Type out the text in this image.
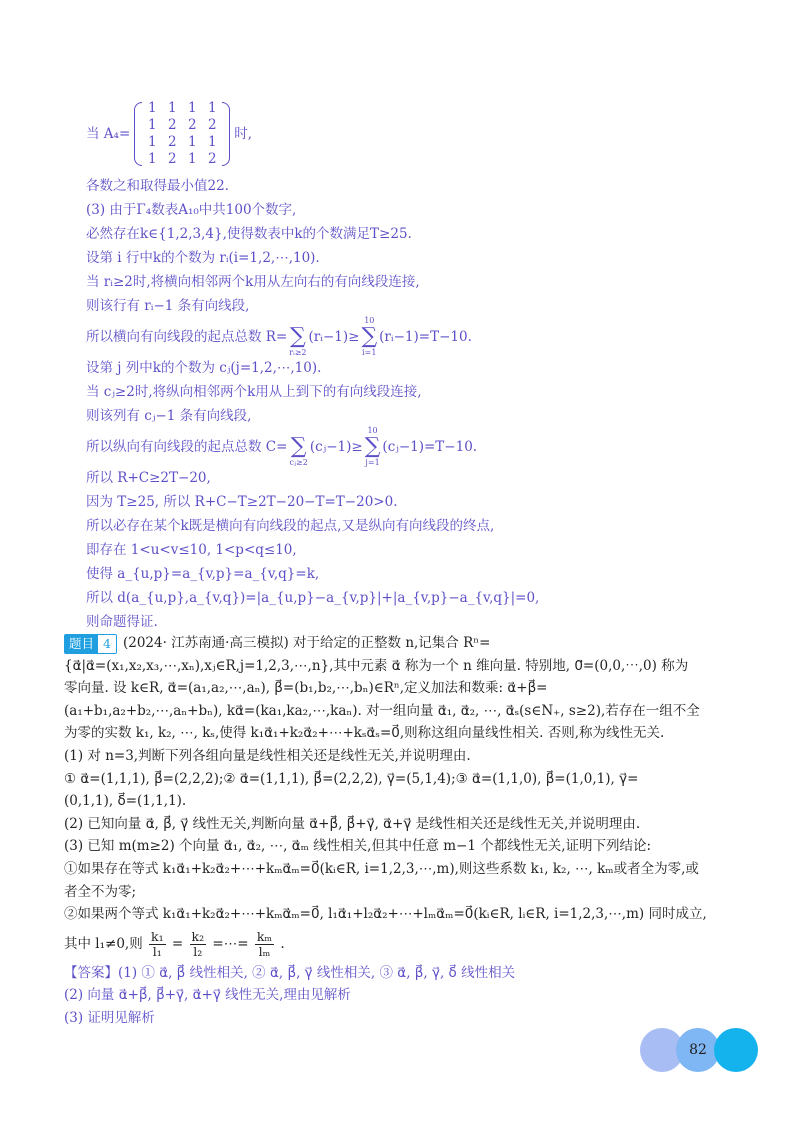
当 A₄=
1 1 1 1
1 2 2 2
1 2 1 1
1 2 1 2
时,
各数之和取得最小值22.
(3) 由于Γ₄数表A₁₀中共100个数字,
必然存在k∈{1,2,3,4},使得数表中k的个数满足T≥25.
设第 i 行中k的个数为 rᵢ(i=1,2,⋯,10).
当 rᵢ≥2时,将横向相邻两个k用从左向右的有向线段连接,
则该行有 rᵢ−1 条有向线段,
所以横向有向线段的起点总数 R=
∑
rᵢ≥2
(rᵢ−1)≥
10
∑
i=1
(rᵢ−1)=T−10.
设第 j 列中k的个数为 cⱼ(j=1,2,⋯,10).
当 cⱼ≥2时,将纵向相邻两个k用从上到下的有向线段连接,
则该列有 cⱼ−1 条有向线段,
所以纵向有向线段的起点总数 C=
∑
cⱼ≥2
(cⱼ−1)≥
10
∑
j=1
(cⱼ−1)=T−10.
所以 R+C≥2T−20,
因为 T≥25, 所以 R+C−T≥2T−20−T=T−20>0.
所以必存在某个k既是横向有向线段的起点,又是纵向有向线段的终点,
即存在 1<u<v≤10, 1<p<q≤10,
使得 a_{u,p}=a_{v,p}=a_{v,q}=k,
所以 d(a_{u,p},a_{v,q})=|a_{u,p}−a_{v,p}|+|a_{v,p}−a_{v,q}|=0,
则命题得证.
题目 4 (2024· 江苏南通·高三模拟) 对于给定的正整数 n,记集合 Rⁿ=
{α⃗|α⃗=(x₁,x₂,x₃,⋯,xₙ),xⱼ∈R,j=1,2,3,⋯,n},其中元素 α⃗ 称为一个 n 维向量. 特别地, 0⃗=(0,0,⋯,0) 称为
零向量. 设 k∈R, α⃗=(a₁,a₂,⋯,aₙ), β⃗=(b₁,b₂,⋯,bₙ)∈Rⁿ,定义加法和数乘: α⃗+β⃗=
(a₁+b₁,a₂+b₂,⋯,aₙ+bₙ), kα⃗=(ka₁,ka₂,⋯,kaₙ). 对一组向量 α⃗₁, α⃗₂, ⋯, α⃗ₛ(s∈N₊, s≥2),若存在一组不全
为零的实数 k₁, k₂, ⋯, kₛ,使得 k₁α⃗₁+k₂α⃗₂+⋯+kₛα⃗ₛ=0⃗,则称这组向量线性相关. 否则,称为线性无关.
(1) 对 n=3,判断下列各组向量是线性相关还是线性无关,并说明理由.
① α⃗=(1,1,1), β⃗=(2,2,2);② α⃗=(1,1,1), β⃗=(2,2,2), γ⃗=(5,1,4);③ α⃗=(1,1,0), β⃗=(1,0,1), γ⃗=
(0,1,1), δ⃗=(1,1,1).
(2) 已知向量 α⃗, β⃗, γ⃗ 线性无关,判断向量 α⃗+β⃗, β⃗+γ⃗, α⃗+γ⃗ 是线性相关还是线性无关,并说明理由.
(3) 已知 m(m≥2) 个向量 α⃗₁, α⃗₂, ⋯, α⃗ₘ 线性相关,但其中任意 m−1 个都线性无关,证明下列结论:
①如果存在等式 k₁α⃗₁+k₂α⃗₂+⋯+kₘα⃗ₘ=0⃗(kᵢ∈R, i=1,2,3,⋯,m),则这些系数 k₁, k₂, ⋯, kₘ或者全为零,或
者全不为零;
②如果两个等式 k₁α⃗₁+k₂α⃗₂+⋯+kₘα⃗ₘ=0⃗, l₁α⃗₁+l₂α⃗₂+⋯+lₘα⃗ₘ=0⃗(kᵢ∈R, lᵢ∈R, i=1,2,3,⋯,m) 同时成立,
其中 l₁≠0,则 $\frac{\text{k₁}}{\text{l₁}} = \frac{\text{k₂}}{\text{l₂}}$ =⋯= $\frac{\text{kₘ}}{\text{lₘ}}$ .
【答案】(1) ① α⃗, β⃗ 线性相关, ② α⃗, β⃗, γ⃗ 线性相关, ③ α⃗, β⃗, γ⃗, δ⃗ 线性相关
(2) 向量 α⃗+β⃗, β⃗+γ⃗, α⃗+γ⃗ 线性无关,理由见解析
(3) 证明见解析
82
